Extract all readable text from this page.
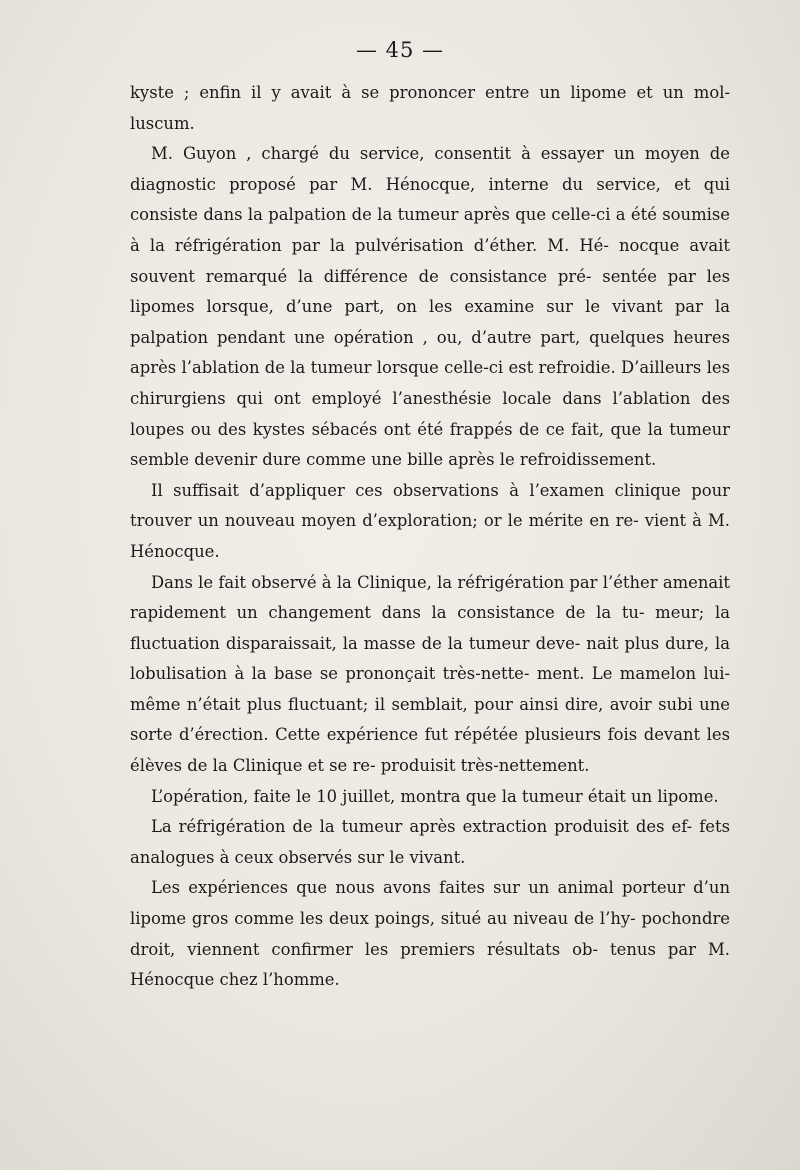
— 45 —

kyste ; enfin il y avait à se prononcer entre un lipome et un mol- luscum.

M. Guyon , chargé du service, consentit à essayer un moyen de diagnostic proposé par M. Hénocque, interne du service, et qui consiste dans la palpation de la tumeur après que celle-ci a été soumise à la réfrigération par la pulvérisation d’éther. M. Hé- nocque avait souvent remarqué la différence de consistance pré- sentée par les lipomes lorsque, d’une part, on les examine sur le vivant par la palpation pendant une opération , ou, d’autre part, quelques heures après l’ablation de la tumeur lorsque celle-ci est refroidie. D’ailleurs les chirurgiens qui ont employé l’anesthésie locale dans l’ablation des loupes ou des kystes sébacés ont été frappés de ce fait, que la tumeur semble devenir dure comme une bille après le refroidissement.

Il suffisait d’appliquer ces observations à l’examen clinique pour trouver un nouveau moyen d’exploration; or le mérite en re- vient à M. Hénocque.

Dans le fait observé à la Clinique, la réfrigération par l’éther amenait rapidement un changement dans la consistance de la tu- meur; la fluctuation disparaissait, la masse de la tumeur deve- nait plus dure, la lobulisation à la base se prononçait très-nette- ment. Le mamelon lui-même n’était plus fluctuant; il semblait, pour ainsi dire, avoir subi une sorte d’érection. Cette expérience fut répétée plusieurs fois devant les élèves de la Clinique et se re- produisit très-nettement.

L’opération, faite le 10 juillet, montra que la tumeur était un lipome.

La réfrigération de la tumeur après extraction produisit des ef- fets analogues à ceux observés sur le vivant.

Les expériences que nous avons faites sur un animal porteur d’un lipome gros comme les deux poings, situé au niveau de l’hy- pochondre droit, viennent confirmer les premiers résultats ob- tenus par M. Hénocque chez l’homme.
